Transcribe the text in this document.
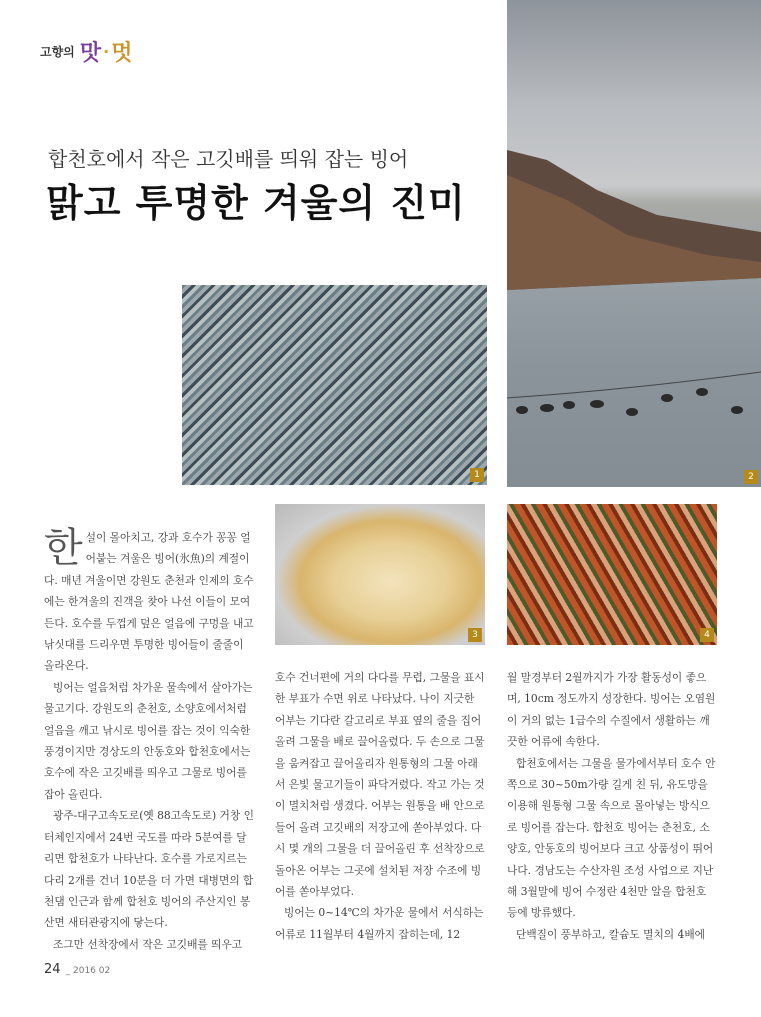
$^{고향의}$ 맛 ·멋
합천호에서 작은 고깃배를 띄워 잡는 빙어
맑고 투명한 겨울의 진미
2
1
3	4

한설이 몰아치고, 강과 호수가 꽁꽁 얼어붙는 겨울은 빙어(氷魚)의 계절이다. 매년 겨울이면 강원도 춘천과 인제의 호수에는 한겨울의 진객을 찾아 나선 이들이 모여든다. 호수를 두껍게 덮은 얼음에 구멍을 내고 낚싯대를 드리우면 투명한 빙어들이 줄줄이 올라온다.

빙어는 얼음처럼 차가운 물속에서 살아가는 물고기다. 강원도의 춘천호, 소양호에서처럼 얼음을 깨고 낚시로 빙어를 잡는 것이 익숙한 풍경이지만 경상도의 안동호와 합천호에서는 호수에 작은 고깃배를 띄우고 그물로 빙어를 잡아 올린다.

광주-대구고속도로(옛 88고속도로) 거창 인터체인지에서 24번 국도를 따라 5분여를 달리면 합천호가 나타난다. 호수를 가로지르는 다리 2개를 건너 10분을 더 가면 대병면의 합천댐 인근과 함께 합천호 빙어의 주산지인 봉산면 새터관광지에 닿는다.

조그만 선착장에서 작은 고깃배를 띄우고

호수 건너편에 거의 다다를 무렵, 그물을 표시한 부표가 수면 위로 나타났다. 나이 지긋한 어부는 기다란 갈고리로 부표 옆의 줄을 집어 올려 그물을 배로 끌어올렸다. 두 손으로 그물을 움켜잡고 끌어올리자 원통형의 그물 아래서 은빛 물고기들이 파닥거렸다. 작고 가는 것이 멸치처럼 생겼다. 어부는 원통을 배 안으로 들어 올려 고깃배의 저장고에 쏟아부었다. 다시 몇 개의 그물을 더 끌어올린 후 선착장으로 돌아온 어부는 그곳에 설치된 저장 수조에 빙어를 쏟아부었다.

빙어는 0~14℃의 차가운 물에서 서식하는 어류로 11월부터 4월까지 잡히는데, 12

월 말경부터 2월까지가 가장 활동성이 좋으며, 10cm 정도까지 성장한다. 빙어는 오염원이 거의 없는 1급수의 수질에서 생활하는 깨끗한 어류에 속한다.

합천호에서는 그물을 물가에서부터 호수 안쪽으로 30~50m가량 길게 친 뒤, 유도망을 이용해 원통형 그물 속으로 몰아넣는 방식으로 빙어를 잡는다. 합천호 빙어는 춘천호, 소양호, 안동호의 빙어보다 크고 상품성이 뛰어나다. 경남도는 수산자원 조성 사업으로 지난해 3월말에 빙어 수정란 4천만 알을 합천호 등에 방류했다.

단백질이 풍부하고, 칼슘도 멸치의 4배에

24 _ 2016 02
